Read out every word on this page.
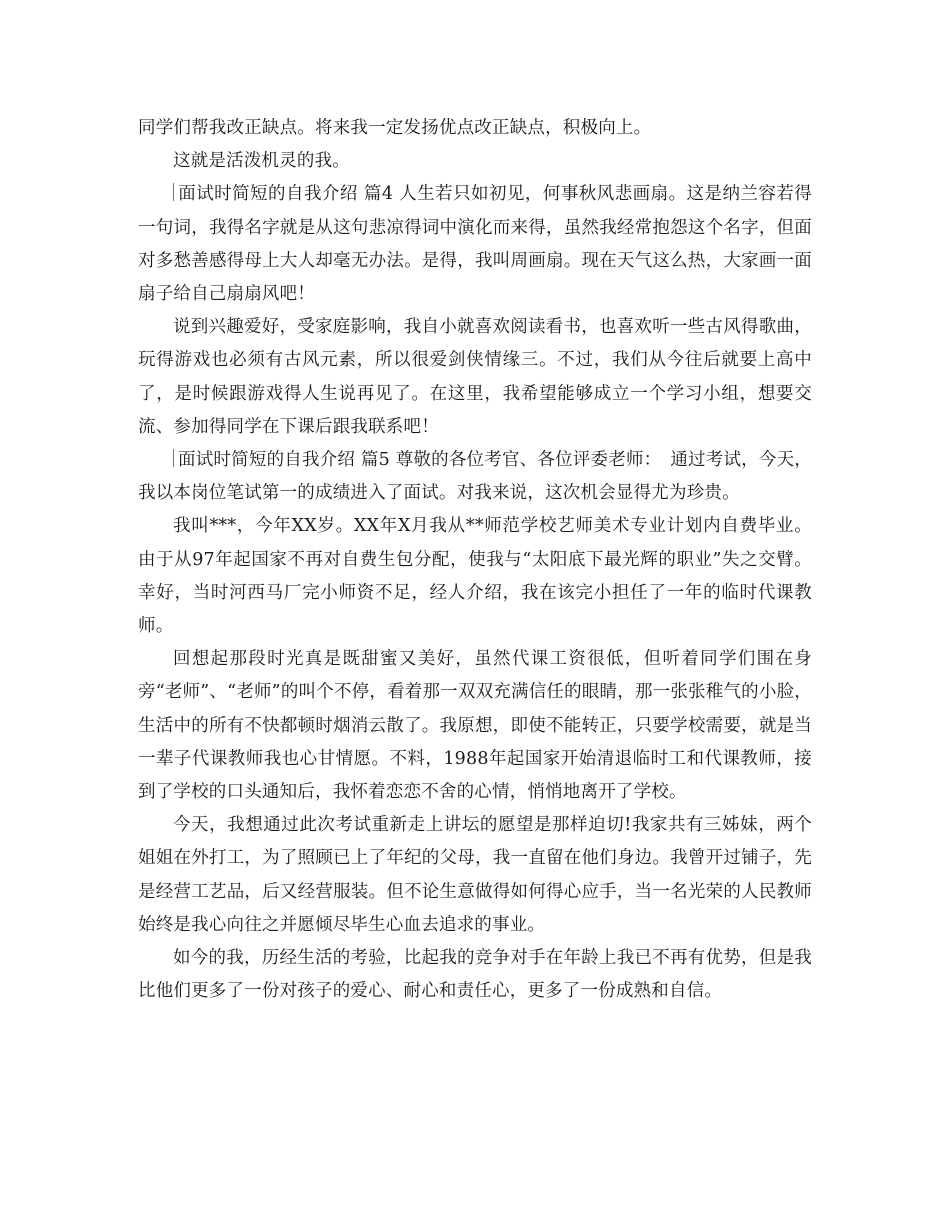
同学们帮我改正缺点。将来我一定发扬优点改正缺点，积极向上。

这就是活泼机灵的我。

面试时简短的自我介绍 篇4 人生若只如初见，何事秋风悲画扇。这是纳兰容若得一句词，我得名字就是从这句悲凉得词中演化而来得，虽然我经常抱怨这个名字，但面对多愁善感得母上大人却毫无办法。是得，我叫周画扇。现在天气这么热，大家画一面扇子给自己扇扇风吧！

说到兴趣爱好，受家庭影响，我自小就喜欢阅读看书，也喜欢听一些古风得歌曲，玩得游戏也必须有古风元素，所以很爱剑侠情缘三。不过，我们从今往后就要上高中了，是时候跟游戏得人生说再见了。在这里，我希望能够成立一个学习小组，想要交流、参加得同学在下课后跟我联系吧！

面试时简短的自我介绍 篇5 尊敬的各位考官、各位评委老师：　通过考试，今天，我以本岗位笔试第一的成绩进入了面试。对我来说，这次机会显得尤为珍贵。

我叫***，今年XX岁。XX年X月我从**师范学校艺师美术专业计划内自费毕业。由于从97年起国家不再对自费生包分配，使我与“太阳底下最光辉的职业”失之交臂。幸好，当时河西马厂完小师资不足，经人介绍，我在该完小担任了一年的临时代课教师。

回想起那段时光真是既甜蜜又美好，虽然代课工资很低，但听着同学们围在身旁“老师”、“老师”的叫个不停，看着那一双双充满信任的眼睛，那一张张稚气的小脸，生活中的所有不快都顿时烟消云散了。我原想，即使不能转正，只要学校需要，就是当一辈子代课教师我也心甘情愿。不料，1988年起国家开始清退临时工和代课教师，接到了学校的口头通知后，我怀着恋恋不舍的心情，悄悄地离开了学校。

今天，我想通过此次考试重新走上讲坛的愿望是那样迫切!我家共有三姊妹，两个姐姐在外打工，为了照顾已上了年纪的父母，我一直留在他们身边。我曾开过铺子，先是经营工艺品，后又经营服装。但不论生意做得如何得心应手，当一名光荣的人民教师始终是我心向往之并愿倾尽毕生心血去追求的事业。

如今的我，历经生活的考验，比起我的竞争对手在年龄上我已不再有优势，但是我比他们更多了一份对孩子的爱心、耐心和责任心，更多了一份成熟和自信。
